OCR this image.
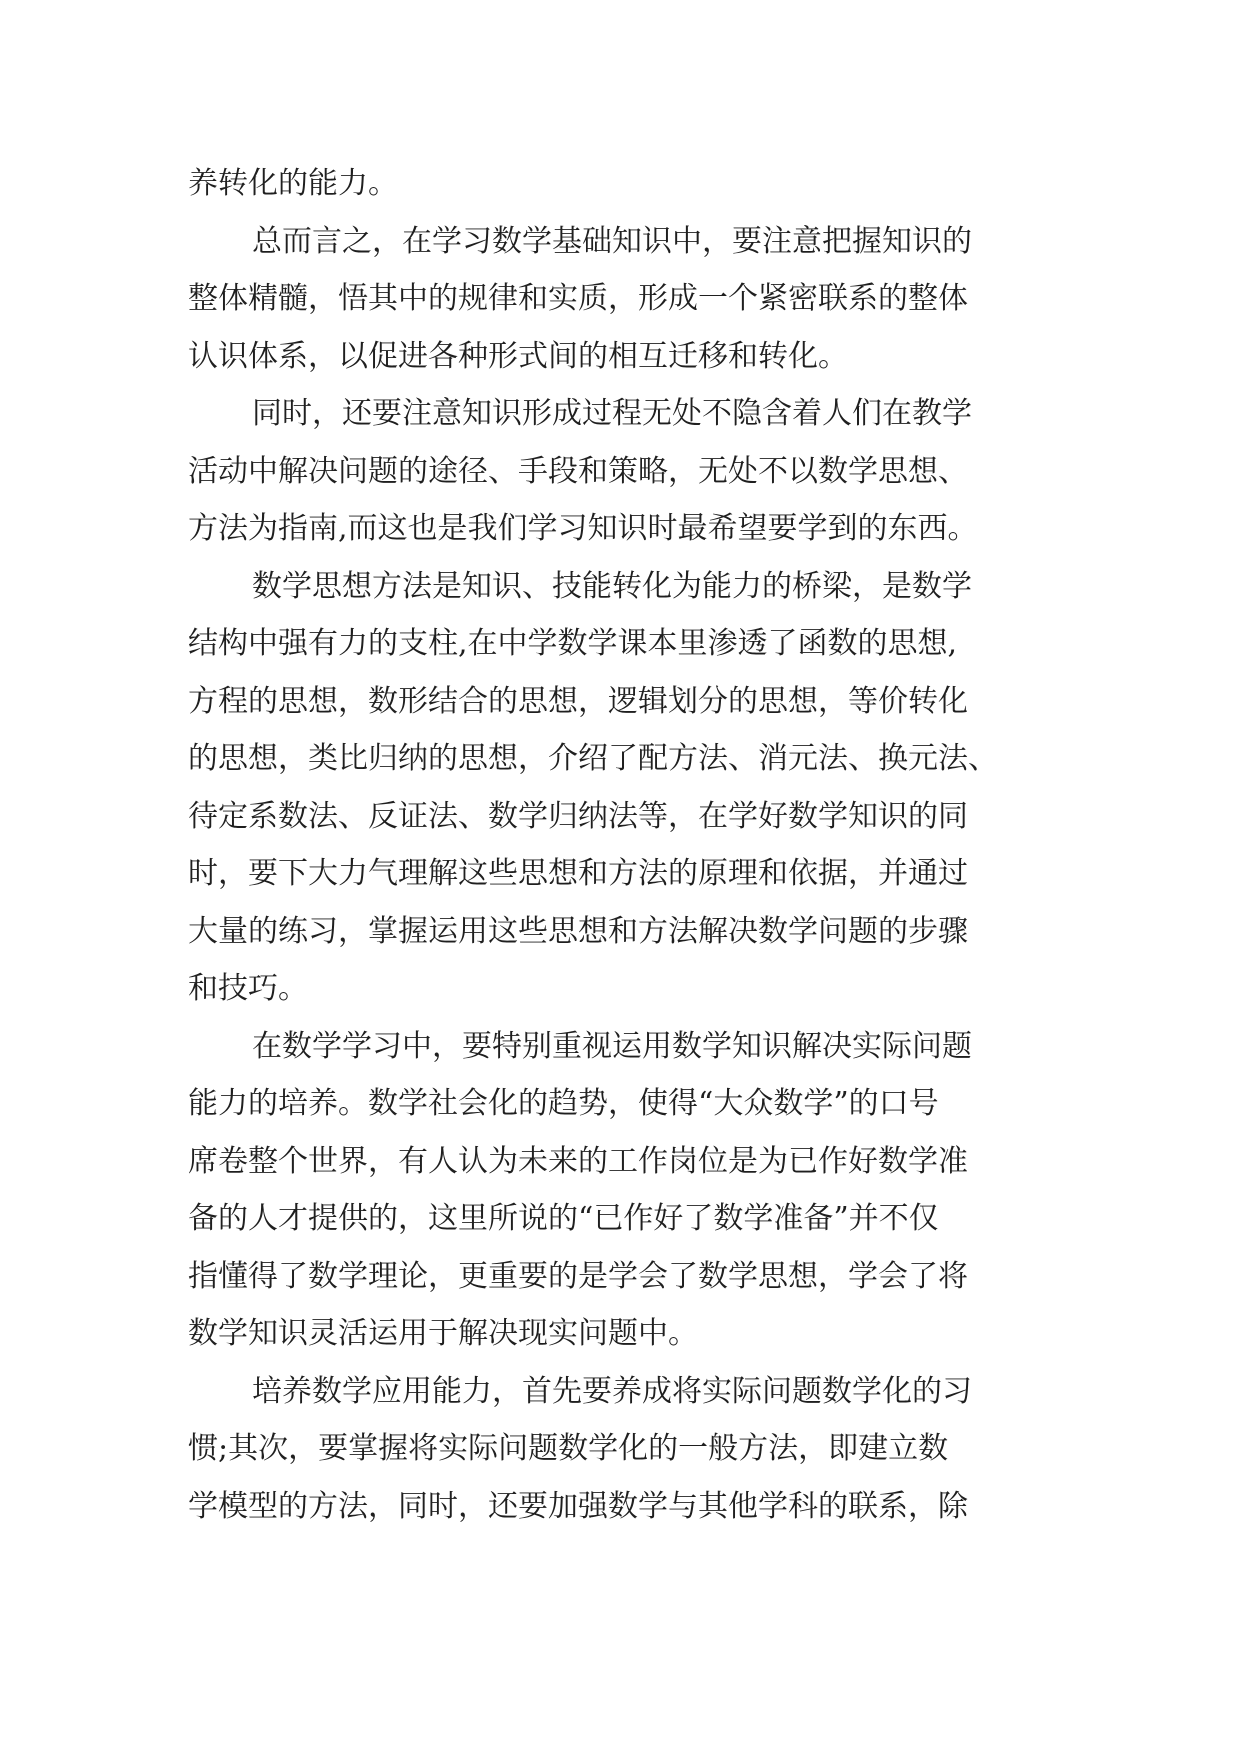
养转化的能力。
总而言之，在学习数学基础知识中，要注意把握知识的
整体精髓，悟其中的规律和实质，形成一个紧密联系的整体
认识体系，以促进各种形式间的相互迁移和转化。
同时，还要注意知识形成过程无处不隐含着人们在教学
活动中解决问题的途径、手段和策略，无处不以数学思想、
方法为指南,而这也是我们学习知识时最希望要学到的东西。
数学思想方法是知识、技能转化为能力的桥梁，是数学
结构中强有力的支柱,在中学数学课本里渗透了函数的思想,
方程的思想，数形结合的思想，逻辑划分的思想，等价转化
的思想，类比归纳的思想，介绍了配方法、消元法、换元法、
待定系数法、反证法、数学归纳法等，在学好数学知识的同
时，要下大力气理解这些思想和方法的原理和依据，并通过
大量的练习，掌握运用这些思想和方法解决数学问题的步骤
和技巧。
在数学学习中，要特别重视运用数学知识解决实际问题
能力的培养。数学社会化的趋势，使得“大众数学”的口号
席卷整个世界，有人认为未来的工作岗位是为已作好数学准
备的人才提供的，这里所说的“已作好了数学准备”并不仅
指懂得了数学理论，更重要的是学会了数学思想，学会了将
数学知识灵活运用于解决现实问题中。
培养数学应用能力，首先要养成将实际问题数学化的习
惯;其次，要掌握将实际问题数学化的一般方法，即建立数
学模型的方法，同时，还要加强数学与其他学科的联系，除
